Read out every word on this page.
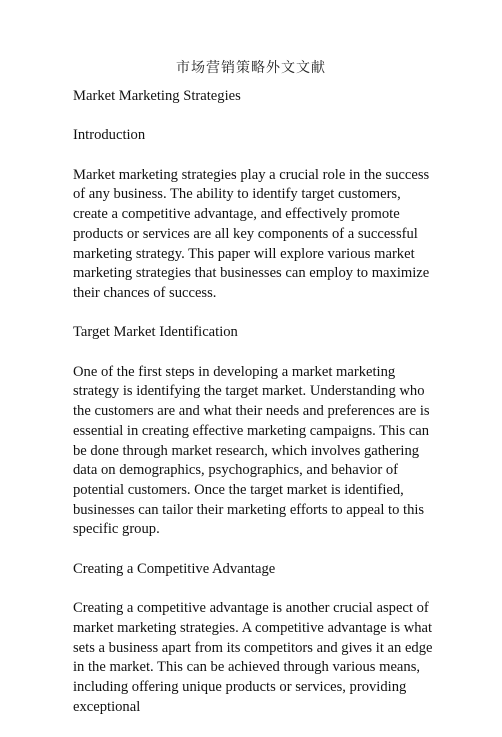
市场营销策略外文文献

Market Marketing Strategies

Introduction

Market marketing strategies play a crucial role in the success of any business. The ability to identify target customers, create a competitive advantage, and effectively promote products or services are all key components of a successful marketing strategy. This paper will explore various market marketing strategies that businesses can employ to maximize their chances of success.

Target Market Identification

One of the first steps in developing a market marketing strategy is identifying the target market. Understanding who the customers are and what their needs and preferences are is essential in creating effective marketing campaigns. This can be done through market research, which involves gathering data on demographics, psychographics, and behavior of potential customers. Once the target market is identified, businesses can tailor their marketing efforts to appeal to this specific group.

Creating a Competitive Advantage

Creating a competitive advantage is another crucial aspect of market marketing strategies. A competitive advantage is what sets a business apart from its competitors and gives it an edge in the market. This can be achieved through various means, including offering unique products or services, providing exceptional
